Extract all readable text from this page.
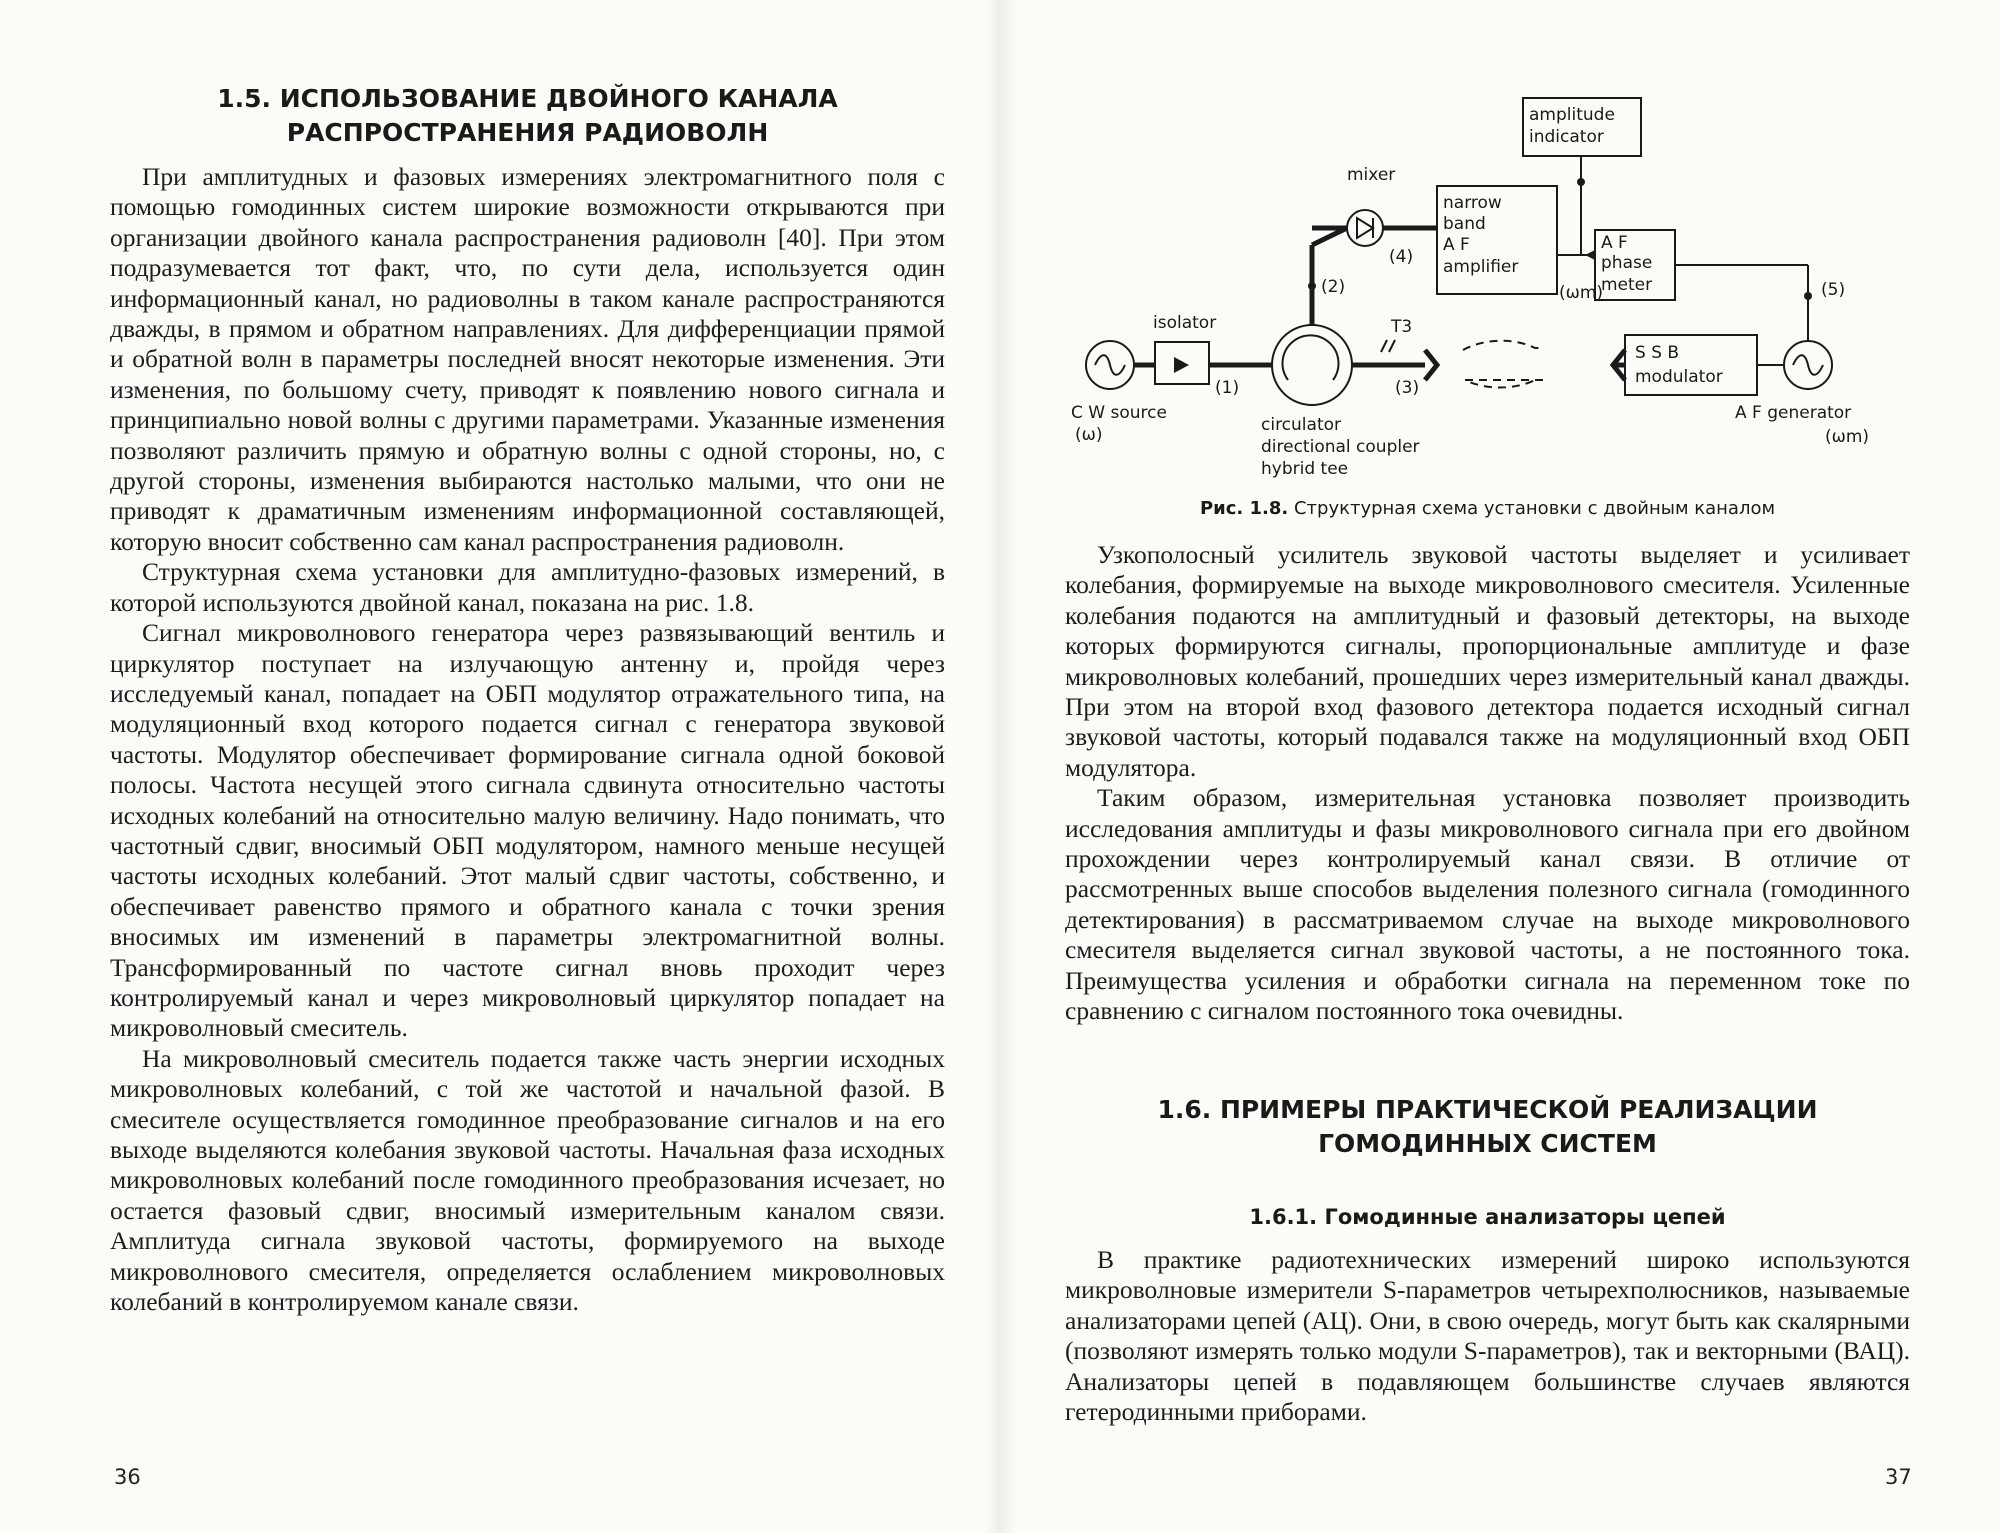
1.5. ИСПОЛЬЗОВАНИЕ ДВОЙНОГО КАНАЛА РАСПРОСТРАНЕНИЯ РАДИОВОЛН

При амплитудных и фазовых измерениях электромагнитного поля с помощью гомодинных систем широкие возможности открываются при организации двойного канала распространения радиоволн [40]. При этом подразумевается тот факт, что, по сути дела, используется один информационный канал, но радиоволны в таком канале распространяются дважды, в прямом и обратном направлениях. Для дифференциации прямой и обратной волн в параметры последней вносят некоторые изменения. Эти изменения, по большому счету, приводят к появлению нового сигнала и принципиально новой волны с другими параметрами. Указанные изменения позволяют различить прямую и обратную волны с одной стороны, но, с другой стороны, изменения выбираются настолько малыми, что они не приводят к драматичным изменениям информационной составляющей, которую вносит собственно сам канал распространения радиоволн.

Структурная схема установки для амплитудно-фазовых измерений, в которой используются двойной канал, показана на рис. 1.8.

Сигнал микроволнового генератора через развязывающий вентиль и циркулятор поступает на излучающую антенну и, пройдя через исследуемый канал, попадает на ОБП модулятор отражательного типа, на модуляционный вход которого подается сигнал с генератора звуковой частоты. Модулятор обеспечивает формирование сигнала одной боковой полосы. Частота несущей этого сигнала сдвинута относительно частоты исходных колебаний на относительно малую величину. Надо понимать, что частотный сдвиг, вносимый ОБП модулятором, намного меньше несущей частоты исходных колебаний. Этот малый сдвиг частоты, собственно, и обеспечивает равенство прямого и обратного канала с точки зрения вносимых им изменений в параметры электромагнитной волны. Трансформированный по частоте сигнал вновь проходит через контролируемый канал и через микроволновый циркулятор попадает на микроволновый смеситель.

На микроволновый смеситель подается также часть энергии исходных микроволновых колебаний, с той же частотой и начальной фазой. В смесителе осуществляется гомодинное преобразование сигналов и на его выходе выделяются колебания звуковой частоты. Начальная фаза исходных микроволновых колебаний после гомодинного преобразования исчезает, но остается фазовый сдвиг, вносимый измерительным каналом связи. Амплитуда сигнала звуковой частоты, формируемого на выходе микроволнового смесителя, определяется ослаблением микроволновых колебаний в контролируемом канале связи.

36
amplitude
indicator
mixer
narrow
band
A F
amplifier
A F
phase
meter
S S B
modulator
isolator
C W source
(ω)	circulator
directional coupler
hybrid tee
A F generator
(ωm)
(ωm)
T3
(1)
(2)
(3)
(4)
(5)
Рис. 1.8. Структурная схема установки с двойным каналом

Узкополосный усилитель звуковой частоты выделяет и усиливает колебания, формируемые на выходе микроволнового смесителя. Усиленные колебания подаются на амплитудный и фазовый детекторы, на выходе которых формируются сигналы, пропорциональные амплитуде и фазе микроволновых колебаний, прошедших через измерительный канал дважды. При этом на второй вход фазового детектора подается исходный сигнал звуковой частоты, который подавался также на модуляционный вход ОБП модулятора.

Таким образом, измерительная установка позволяет производить исследования амплитуды и фазы микроволнового сигнала при его двойном прохождении через контролируемый канал связи. В отличие от рассмотренных выше способов выделения полезного сигнала (гомодинного детектирования) в рассматриваемом случае на выходе микроволнового смесителя выделяется сигнал звуковой частоты, а не постоянного тока. Преимущества усиления и обработки сигнала на переменном токе по сравнению с сигналом постоянного тока очевидны.

1.6. ПРИМЕРЫ ПРАКТИЧЕСКОЙ РЕАЛИЗАЦИИ ГОМОДИННЫХ СИСТЕМ
1.6.1. Гомодинные анализаторы цепей

В практике радиотехнических измерений широко используются микроволновые измерители S-параметров четырехполюсников, называемые анализаторами цепей (АЦ). Они, в свою очередь, могут быть как скалярными (позволяют измерять только модули S-параметров), так и векторными (ВАЦ). Анализаторы цепей в подавляющем большинстве случаев являются гетеродинными приборами.

37
